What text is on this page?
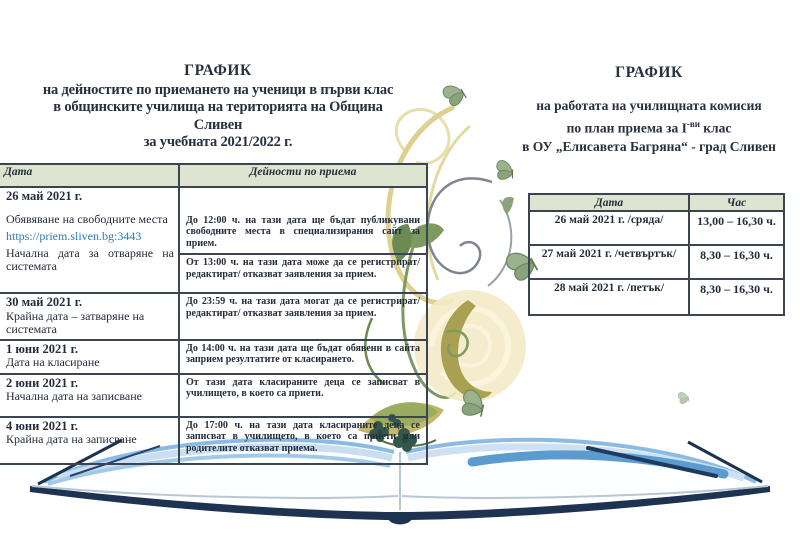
ГРАФИК
на дейностите по приемането на ученици в първи клас
в общинските училища на територията на Община
Сливен
за учебната 2021/2022 г.
Дата	Дейности по приема
26 май 2021 г.
Обявяване на свободните места
https://priem.sliven.bg:3443
Начална дата за отваряне на системата	До 12:00 ч. на тази дата ще бъдат публикувани свободните места в специализирания сайт за прием.
	От 13:00 ч. на тази дата може да се регистрират/редактират/ отказват заявления за прием.
30 май 2021 г.
Крайна дата – затваряне на системата	До 23:59 ч. на тази дата могат да се регистрират/редактират/ отказват заявления за прием.
1 юни 2021 г.
Дата на класиране	До 14:00 ч. на тази дата ще бъдат обявени в сайта заприем резултатите от класирането.
2 юни 2021 г.
Начална дата на записване	От тази дата класираните деца се записват в училището, в което са приети.
4 юни 2021 г.
Крайна дата на записване	До 17:00 ч. на тази дата класираните деца се записват в училището, в което са приети или родителите отказват приема.
ГРАФИК
на работата на училищната комисия
по план приема за $I^{-ви}$ клас
в ОУ „Елисавета Багряна“ - град Сливен
Дата	Час
26 май 2021 г. /сряда/	13,00 – 16,30 ч.
27 май 2021 г. /четвъртък/	8,30 – 16,30 ч.
28 май 2021 г. /петък/	8,30 – 16,30 ч.
